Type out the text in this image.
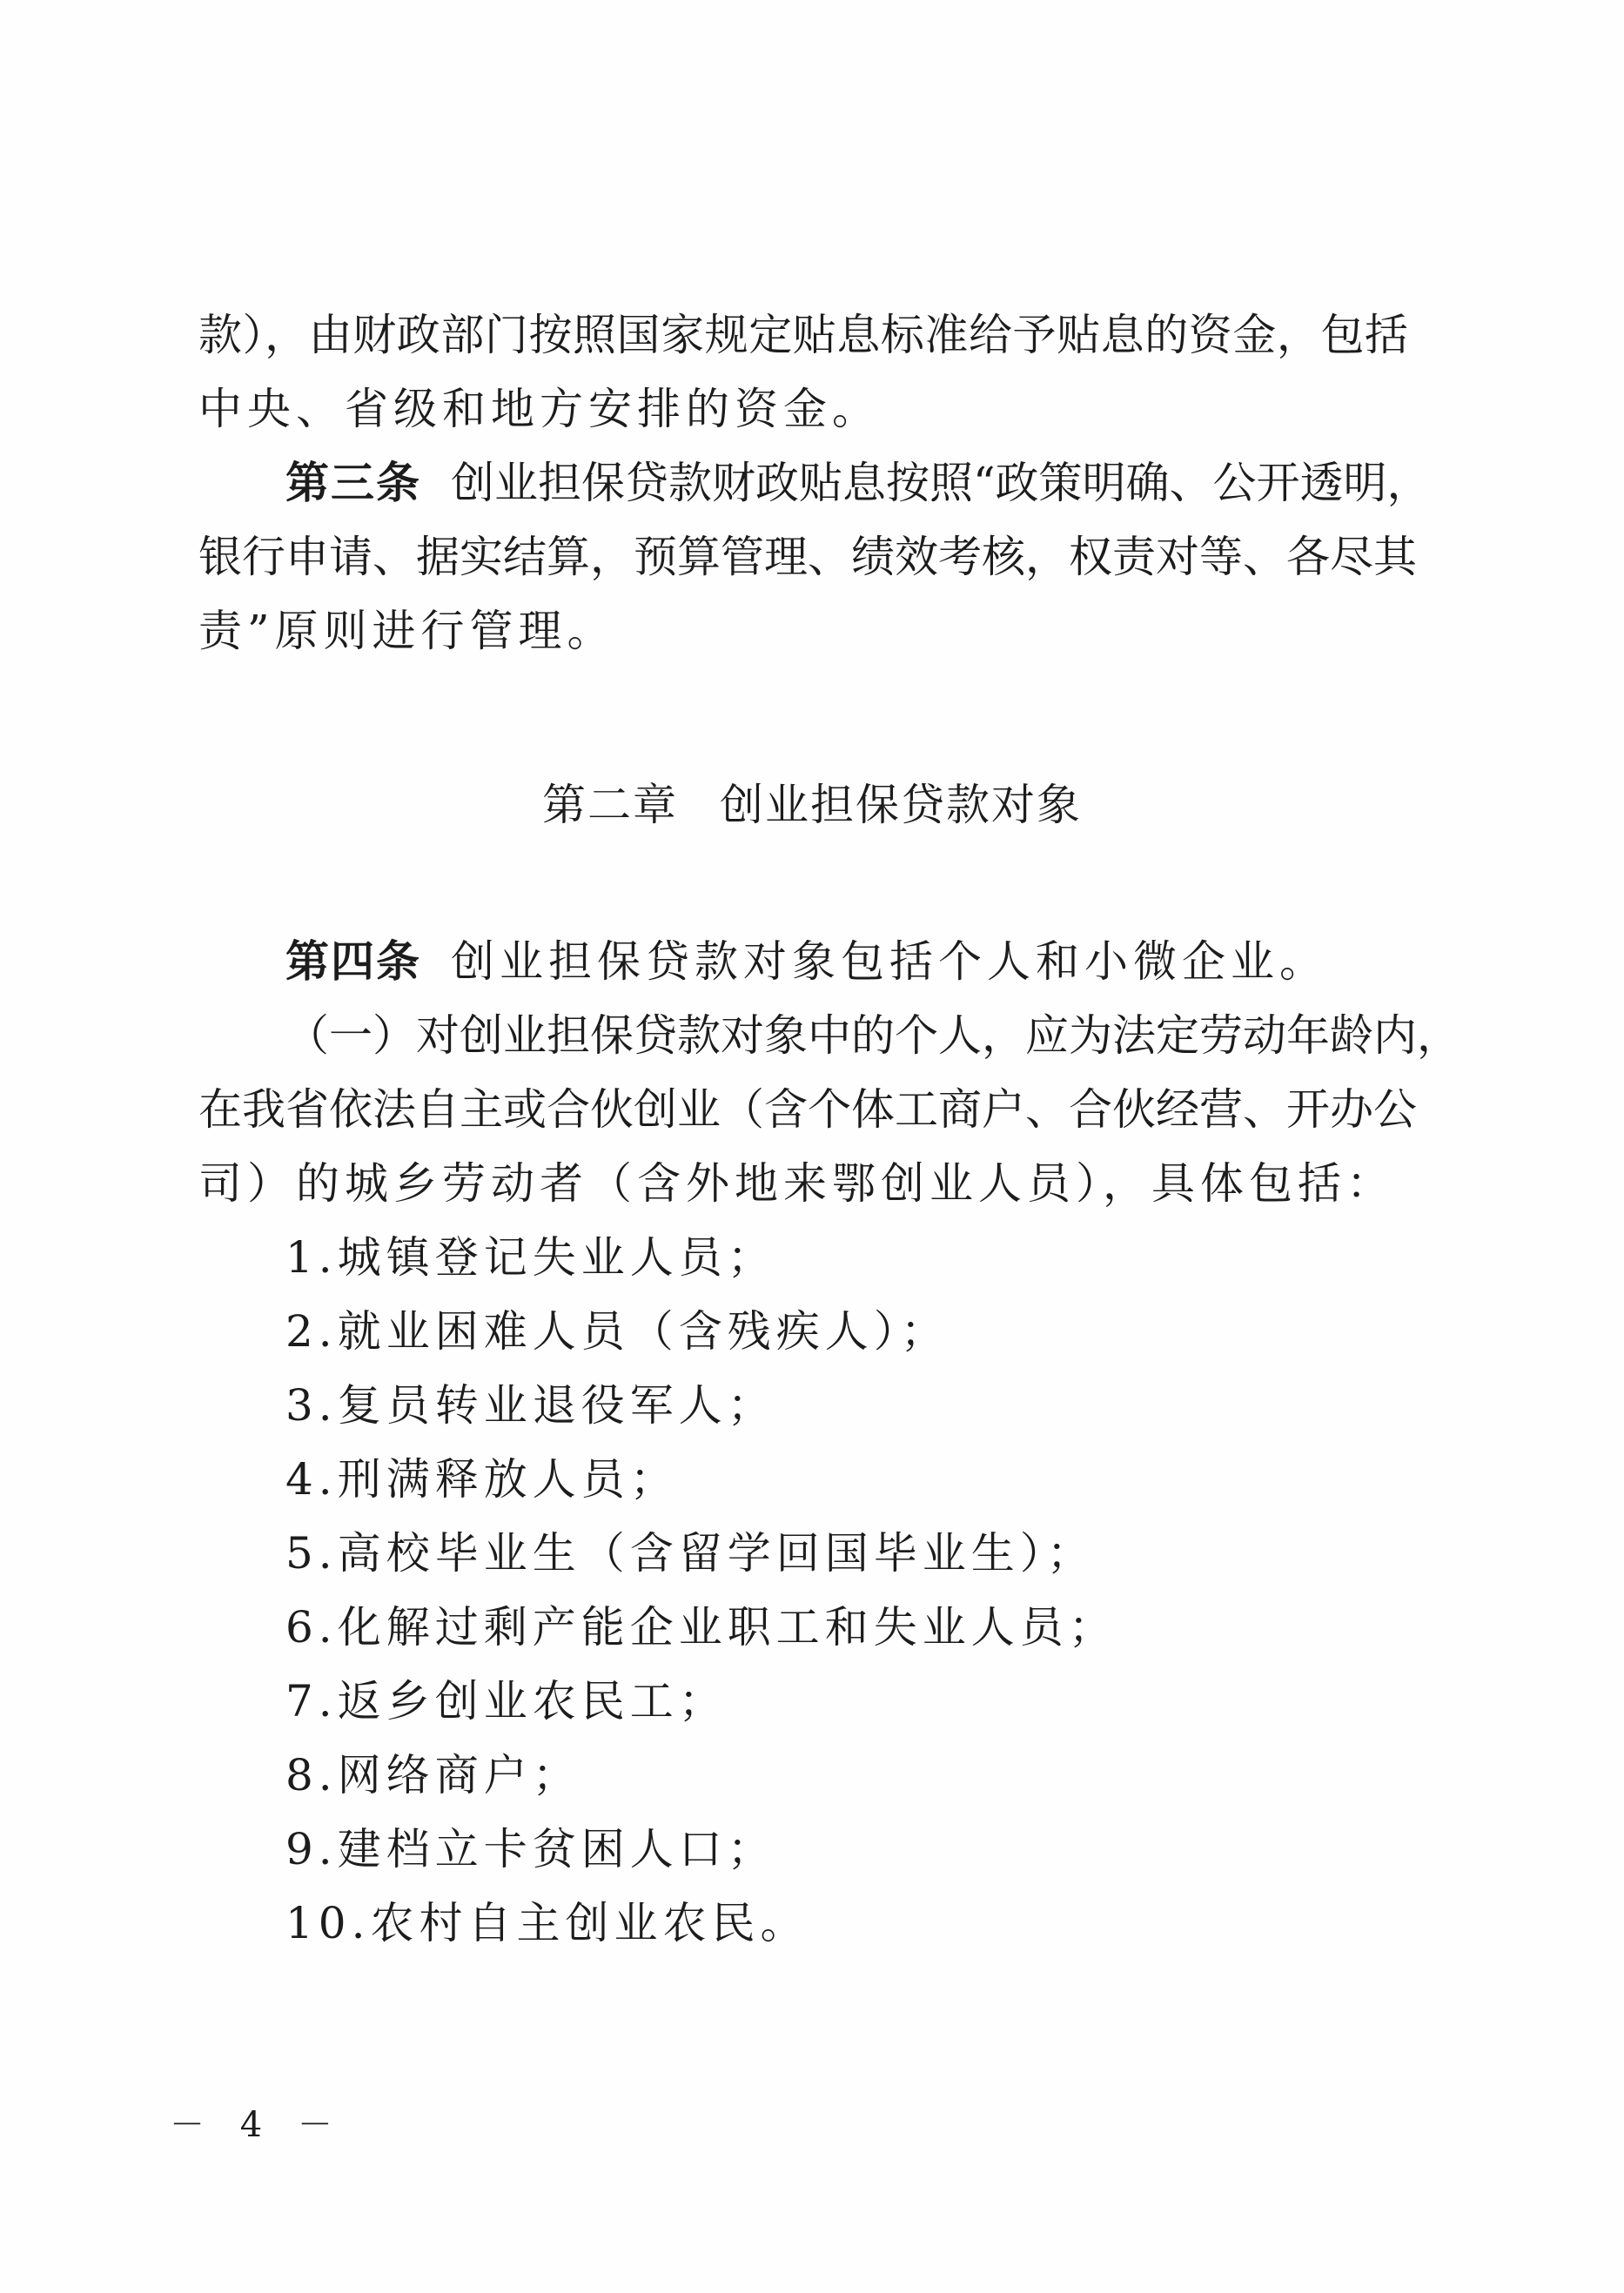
款），由财政部门按照国家规定贴息标准给予贴息的资金，包括
中央、省级和地方安排的资金。
第三条 创业担保贷款财政贴息按照“政策明确、公开透明，
银行申请、据实结算，预算管理、绩效考核，权责对等、各尽其
责”原则进行管理。
第二章 创业担保贷款对象
第四条 创业担保贷款对象包括个人和小微企业。
（一）对创业担保贷款对象中的个人，应为法定劳动年龄内，
在我省依法自主或合伙创业（含个体工商户、合伙经营、开办公
司）的城乡劳动者（含外地来鄂创业人员），具体包括：
1.城镇登记失业人员；
2.就业困难人员（含残疾人）；
3.复员转业退役军人；
4.刑满释放人员；
5.高校毕业生（含留学回国毕业生）；
6.化解过剩产能企业职工和失业人员；
7.返乡创业农民工；
8.网络商户；
9.建档立卡贫困人口；
10.农村自主创业农民。
－ 4 －
